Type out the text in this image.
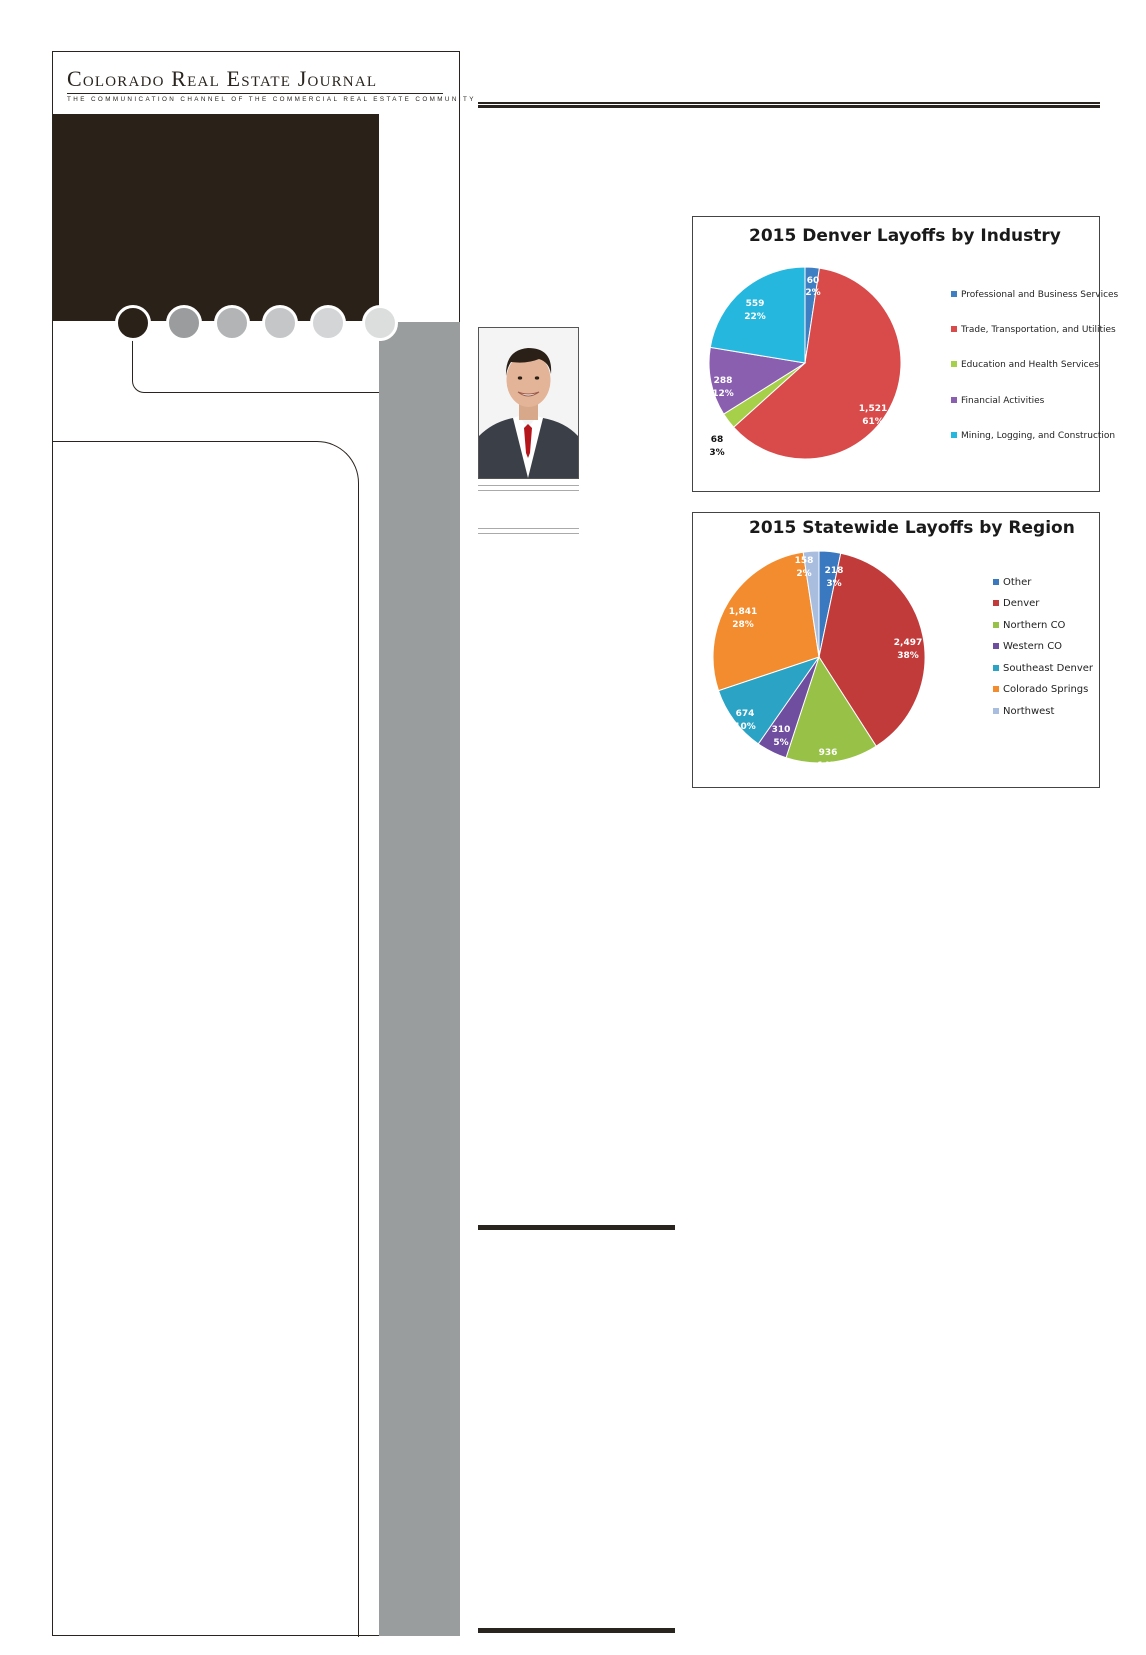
Colorado Real Estate Journal
THE COMMUNICATION CHANNEL OF THE COMMERCIAL REAL ESTATE COMMUNITY
2015 Denver Layoffs by Industry
60
2%
1,521
61%
68
3%
288
12%
559
22%
Professional and Business Services
Trade, Transportation, and Utilities
Education and Health Services
Financial Activities
Mining, Logging, and Construction
2015 Statewide Layoffs by Region
218
3%
2,497
38%
936
14%
310
5%
674
10%
1,841
28%
158
2%
Other
Denver
Northern CO
Western CO
Southeast Denver
Colorado Springs
Northwest
